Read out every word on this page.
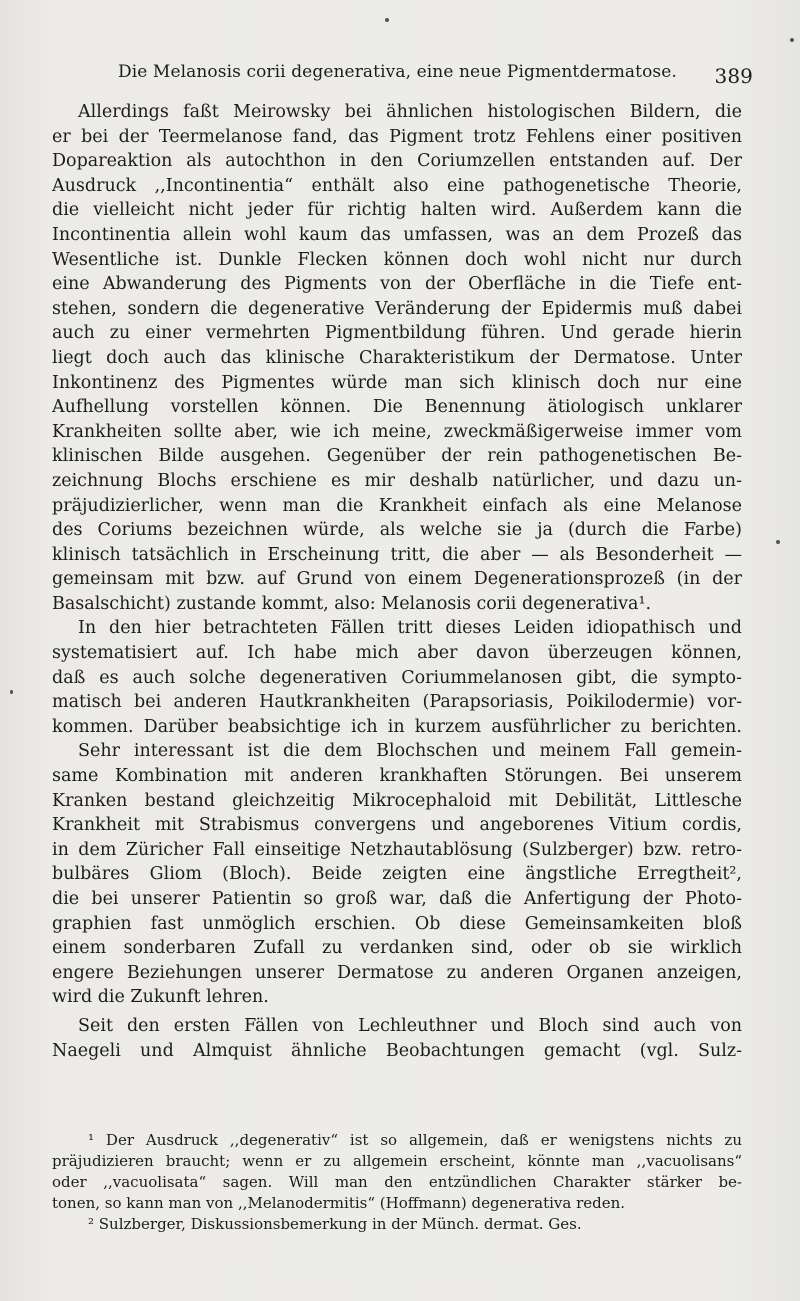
Die Melanosis corii degenerativa, eine neue Pigmentdermatose. 389
Allerdings faßt Meirowsky bei ähnlichen histologischen Bildern, die
er bei der Teermelanose fand, das Pigment trotz Fehlens einer positiven
Dopareaktion als autochthon in den Coriumzellen entstanden auf. Der
Ausdruck ,,Incontinentia“ enthält also eine pathogenetische Theorie,
die vielleicht nicht jeder für richtig halten wird. Außerdem kann die
Incontinentia allein wohl kaum das umfassen, was an dem Prozeß das
Wesentliche ist. Dunkle Flecken können doch wohl nicht nur durch
eine Abwanderung des Pigments von der Oberfläche in die Tiefe ent-
stehen, sondern die degenerative Veränderung der Epidermis muß dabei
auch zu einer vermehrten Pigmentbildung führen. Und gerade hierin
liegt doch auch das klinische Charakteristikum der Dermatose. Unter
Inkontinenz des Pigmentes würde man sich klinisch doch nur eine
Aufhellung vorstellen können. Die Benennung ätiologisch unklarer
Krankheiten sollte aber, wie ich meine, zweckmäßigerweise immer vom
klinischen Bilde ausgehen. Gegenüber der rein pathogenetischen Be-
zeichnung Blochs erschiene es mir deshalb natürlicher, und dazu un-
präjudizierlicher, wenn man die Krankheit einfach als eine Melanose
des Coriums bezeichnen würde, als welche sie ja (durch die Farbe)
klinisch tatsächlich in Erscheinung tritt, die aber — als Besonderheit —
gemeinsam mit bzw. auf Grund von einem Degenerationsprozeß (in der
Basalschicht) zustande kommt, also: Melanosis corii degenerativa¹.
In den hier betrachteten Fällen tritt dieses Leiden idiopathisch und
systematisiert auf. Ich habe mich aber davon überzeugen können,
daß es auch solche degenerativen Coriummelanosen gibt, die sympto-
matisch bei anderen Hautkrankheiten (Parapsoriasis, Poikilodermie) vor-
kommen. Darüber beabsichtige ich in kurzem ausführlicher zu berichten.
Sehr interessant ist die dem Blochschen und meinem Fall gemein-
same Kombination mit anderen krankhaften Störungen. Bei unserem
Kranken bestand gleichzeitig Mikrocephaloid mit Debilität, Littlesche
Krankheit mit Strabismus convergens und angeborenes Vitium cordis,
in dem Züricher Fall einseitige Netzhautablösung (Sulzberger) bzw. retro-
bulbäres Gliom (Bloch). Beide zeigten eine ängstliche Erregtheit²,
die bei unserer Patientin so groß war, daß die Anfertigung der Photo-
graphien fast unmöglich erschien. Ob diese Gemeinsamkeiten bloß
einem sonderbaren Zufall zu verdanken sind, oder ob sie wirklich
engere Beziehungen unserer Dermatose zu anderen Organen anzeigen,
wird die Zukunft lehren.
Seit den ersten Fällen von Lechleuthner und Bloch sind auch von
Naegeli und Almquist ähnliche Beobachtungen gemacht (vgl. Sulz-
¹ Der Ausdruck ,,degenerativ“ ist so allgemein, daß er wenigstens nichts zu
präjudizieren braucht; wenn er zu allgemein erscheint, könnte man ,,vacuolisans“
oder ,,vacuolisata“ sagen. Will man den entzündlichen Charakter stärker be-
tonen, so kann man von ,,Melanodermitis“ (Hoffmann) degenerativa reden.
² Sulzberger, Diskussionsbemerkung in der Münch. dermat. Ges.
